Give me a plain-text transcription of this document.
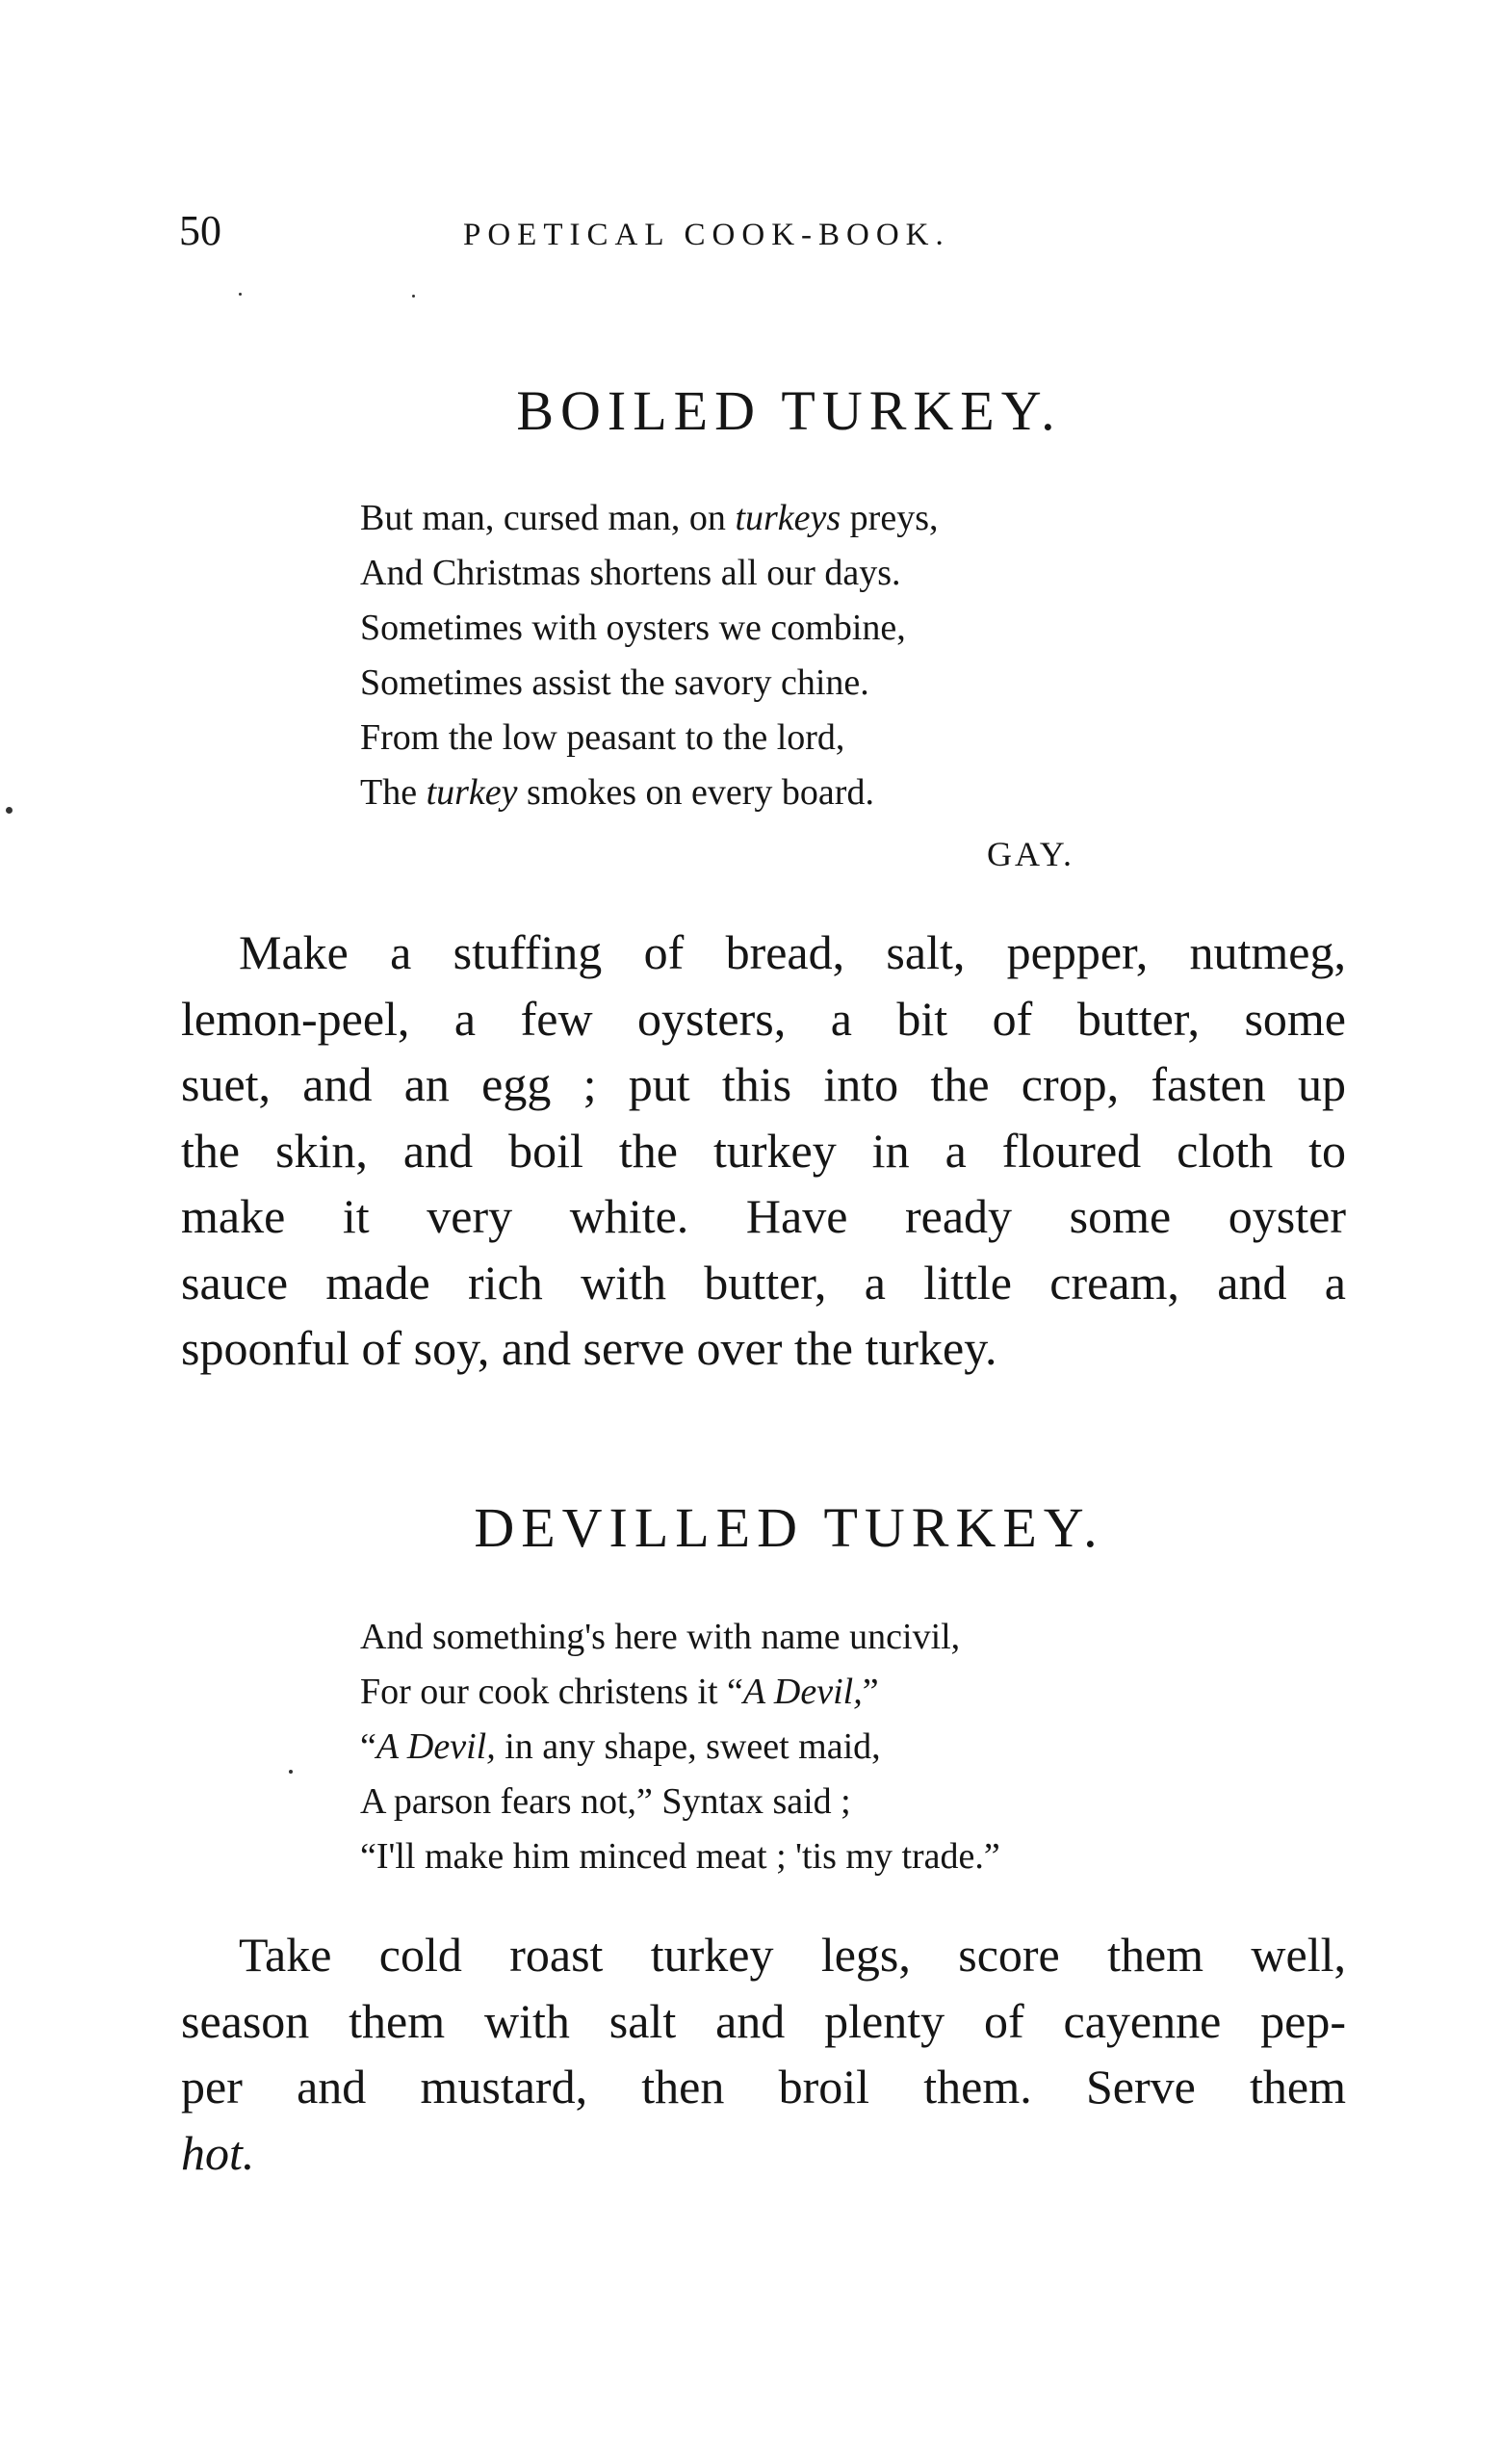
50	POETICAL COOK-BOOK.
BOILED TURKEY.
But man, cursed man, on turkeys preys,
And Christmas shortens all our days.
Sometimes with oysters we combine,
Sometimes assist the savory chine.
From the low peasant to the lord,
The turkey smokes on every board.
GAY.
Make a stuffing of bread, salt, pepper, nutmeg,
lemon-peel, a few oysters, a bit of butter, some
suet, and an egg ; put this into the crop, fasten up
the skin, and boil the turkey in a floured cloth to
make it very white. Have ready some oyster
sauce made rich with butter, a little cream, and a
spoonful of soy, and serve over the turkey.
DEVILLED TURKEY.
And something's here with name uncivil,
For our cook christens it “A Devil,”
“A Devil, in any shape, sweet maid,
A parson fears not,” Syntax said ;
“I'll make him minced meat ; 'tis my trade.”
Take cold roast turkey legs, score them well,
season them with salt and plenty of cayenne pep-
per and mustard, then broil them. Serve them
hot.
